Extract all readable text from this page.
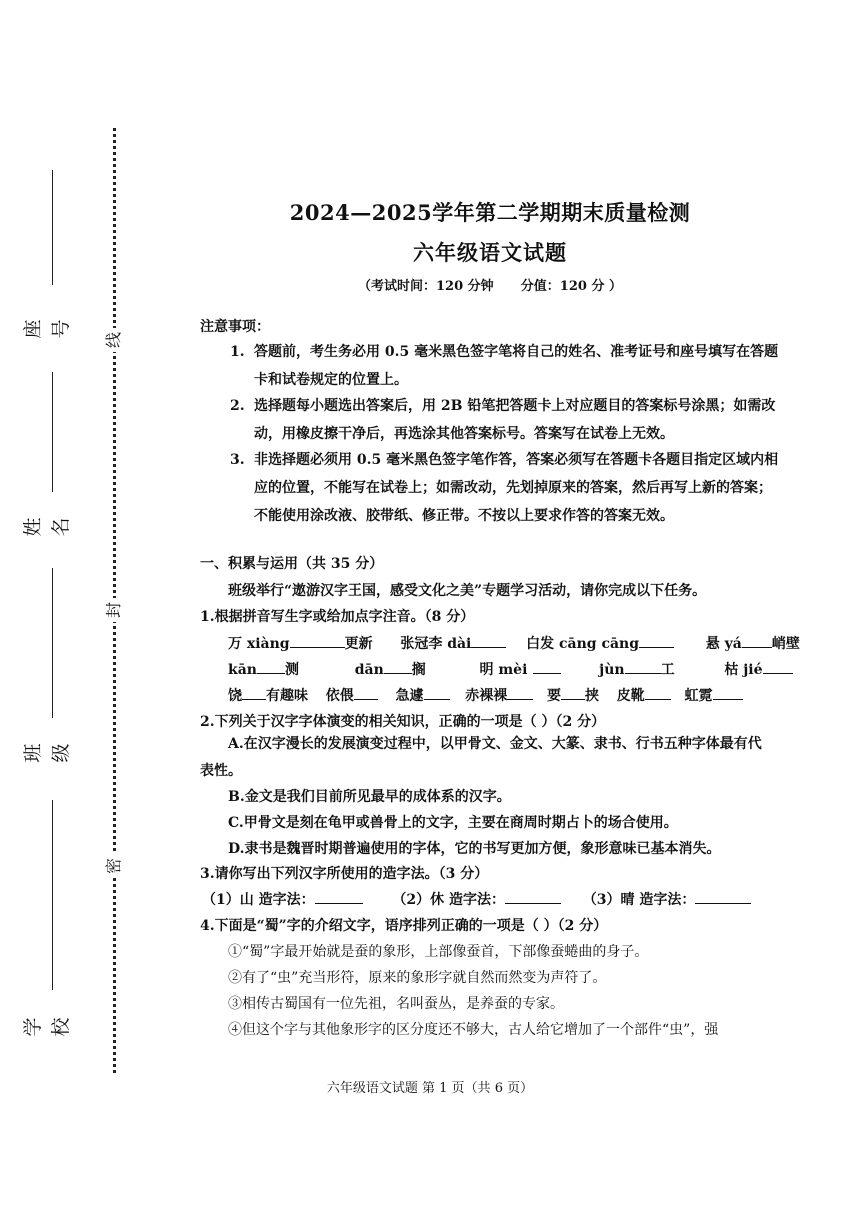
线
封
密
座号
姓名
班级
学校
2024—2025学年第二学期期末质量检测
六年级语文试题
（考试时间：120 分钟      分值：120 分 ）
注意事项：
1. 答题前，考生务必用 0.5 毫米黑色签字笔将自己的姓名、准考证号和座号填写在答题卡和试卷规定的位置上。
2. 选择题每小题选出答案后，用 2B 铅笔把答题卡上对应题目的答案标号涂黑；如需改动，用橡皮擦干净后，再选涂其他答案标号。答案写在试卷上无效。
3. 非选择题必须用 0.5 毫米黑色签字笔作答，答案必须写在答题卡各题目指定区域内相应的位置，不能写在试卷上；如需改动，先划掉原来的答案，然后再写上新的答案；不能使用涂改液、胶带纸、修正带。不按以上要求作答的答案无效。
一、积累与运用（共 35 分）
班级举行“遨游汉字王国，感受文化之美”专题学习活动，请你完成以下任务。
1.根据拼音写生字或给加点字注音。（8 分）
万 xiàng	更新 张冠李 dài	白发 cāng cāng	悬 yá 峭壁
kān 测	dān 搁	明 mèi	jùn	工	枯 jié
饶 有趣味 依偎	急遽	赤裸裸	要 挟 皮靴	虹霓
2.下列关于汉字字体演变的相关知识，正确的一项是（ ）（2 分）
A.在汉字漫长的发展演变过程中，以甲骨文、金文、大篆、隶书、行书五种字体最有代表性。
B.金文是我们目前所见最早的成体系的汉字。
C.甲骨文是刻在龟甲或兽骨上的文字，主要在商周时期占卜的场合使用。
D.隶书是魏晋时期普遍使用的字体，它的书写更加方便，象形意味已基本消失。
3.请你写出下列汉字所使用的造字法。（3 分）
（1）山 造字法：	（2）休 造字法：	（3）晴 造字法：
4.下面是“蜀”字的介绍文字，语序排列正确的一项是（ ）（2 分）
①“蜀”字最开始就是蚕的象形，上部像蚕首，下部像蚕蜷曲的身子。
②有了“虫”充当形符，原来的象形字就自然而然变为声符了。
③相传古蜀国有一位先祖，名叫蚕丛，是养蚕的专家。
④但这个字与其他象形字的区分度还不够大，古人给它增加了一个部件“虫”，强
六年级语文试题 第 1 页（共 6 页）
